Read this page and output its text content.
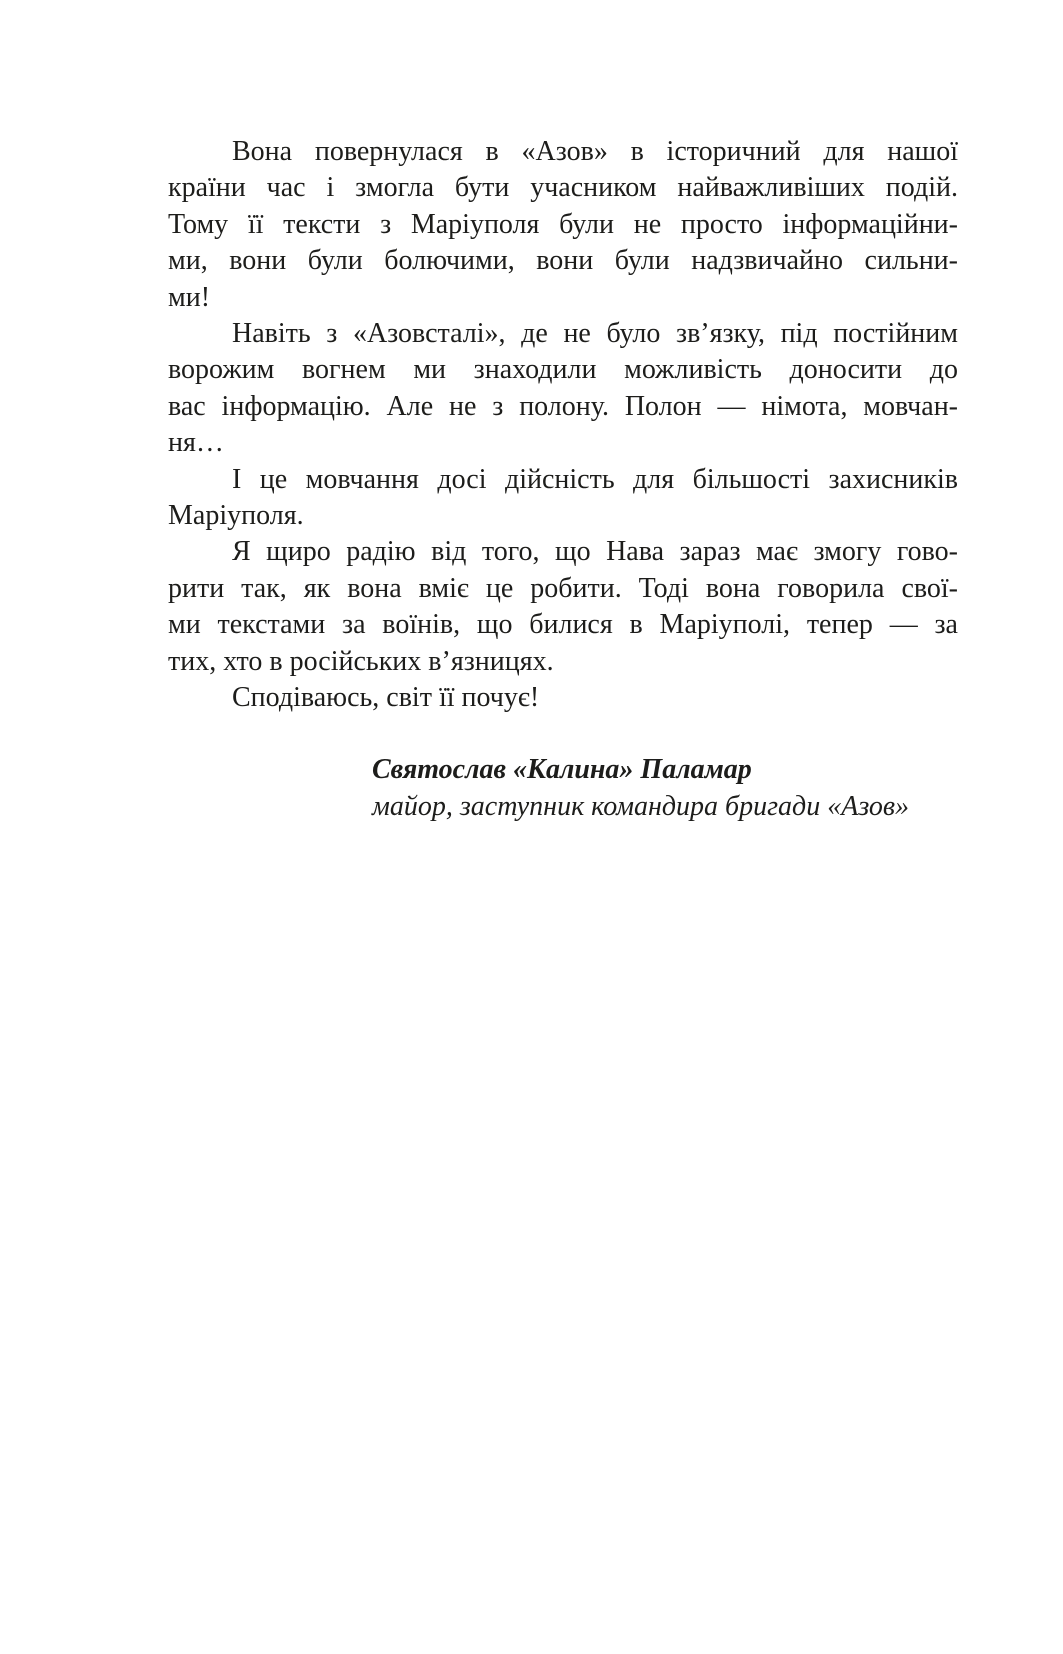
Вона повернулася в «Азов» в історичний для нашої
країни час і змогла бути учасником найважливіших подій.
Тому її тексти з Маріуполя були не просто інформаційни-
ми, вони були болючими, вони були надзвичайно сильни-
ми!

Навіть з «Азовсталі», де не було зв’язку, під постійним
ворожим вогнем ми знаходили можливість доносити до
вас інформацію. Але не з полону. Полон — німота, мовчан-
ня…

І це мовчання досі дійсність для більшості захисників
Маріуполя.

Я щиро радію від того, що Нава зараз має змогу гово-
рити так, як вона вміє це робити. Тоді вона говорила свої-
ми текстами за воїнів, що билися в Маріуполі, тепер — за
тих, хто в російських в’язницях.

Сподіваюсь, світ її почує!

Святослав «Калина» Паламар
майор, заступник командира бригади «Азов»
